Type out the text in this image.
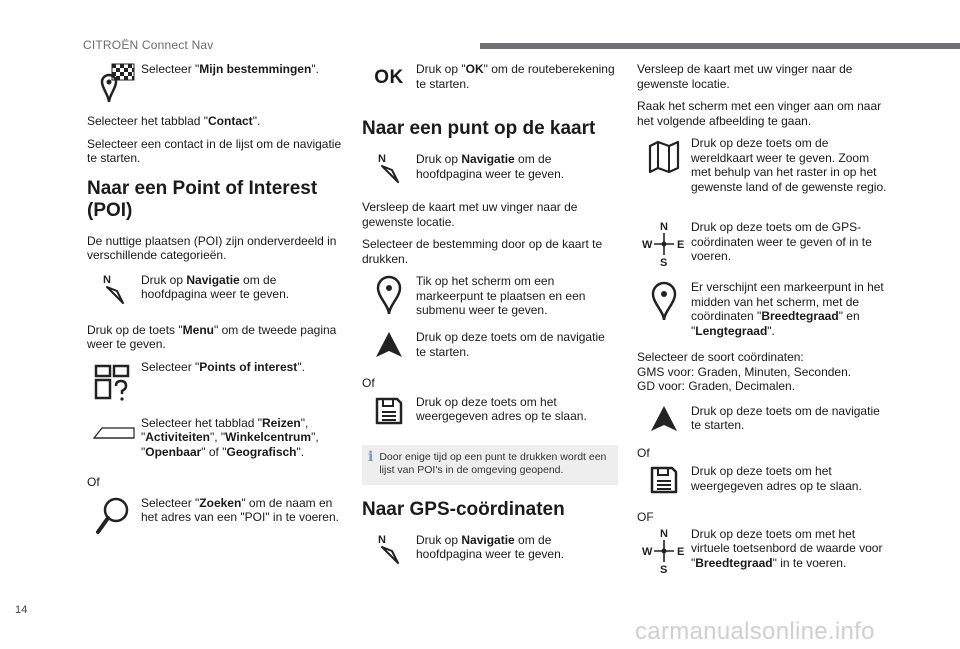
CITROËN Connect Nav

Selecteer "Mijn bestemmingen".

Selecteer het tabblad "Contact".

Selecteer een contact in de lijst om de navigatie te starten.

Naar een Point of Interest (POI)

De nuttige plaatsen (POI) zijn onderverdeeld in verschillende categorieën.

N	Druk op Navigatie om de hoofdpagina weer te geven.

Druk op de toets "Menu" om de tweede pagina weer te geven.

Selecteer "Points of interest".

Selecteer het tabblad "Reizen", "Activiteiten", "Winkelcentrum", "Openbaar" of "Geografisch".

Of

Selecteer "Zoeken" om de naam en het adres van een "POI" in te voeren.

OK Druk op "OK" om de routeberekening te starten.

Naar een punt op de kaart
N	Druk op Navigatie om de hoofdpagina weer te geven.

Versleep de kaart met uw vinger naar de gewenste locatie.

Selecteer de bestemming door op de kaart te drukken.

Tik op het scherm om een markeerpunt te plaatsen en een submenu weer te geven.

Druk op deze toets om de navigatie te starten.

Of

Druk op deze toets om het weergegeven adres op te slaan.

i Door enige tijd op een punt te drukken wordt een lijst van POI's in de omgeving geopend.
Naar GPS-coördinaten
N	Druk op Navigatie om de hoofdpagina weer te geven.

Versleep de kaart met uw vinger naar de gewenste locatie.

Raak het scherm met een vinger aan om naar het volgende afbeelding te gaan.

Druk op deze toets om de wereldkaart weer te geven. Zoom met behulp van het raster in op het gewenste land of de gewenste regio.

N
S
W E

Druk op deze toets om de GPS-coördinaten weer te geven of in te voeren.

Er verschijnt een markeerpunt in het midden van het scherm, met de coördinaten "Breedtegraad" en "Lengtegraad".

Selecteer de soort coördinaten:

GMS voor: Graden, Minuten, Seconden.

GD voor: Graden, Decimalen.

Druk op deze toets om de navigatie te starten.

Of

Druk op deze toets om het weergegeven adres op te slaan.

OF

N
S
W E

Druk op deze toets om met het virtuele toetsenbord de waarde voor "Breedtegraad" in te voeren.

14
carmanualsonline.info
